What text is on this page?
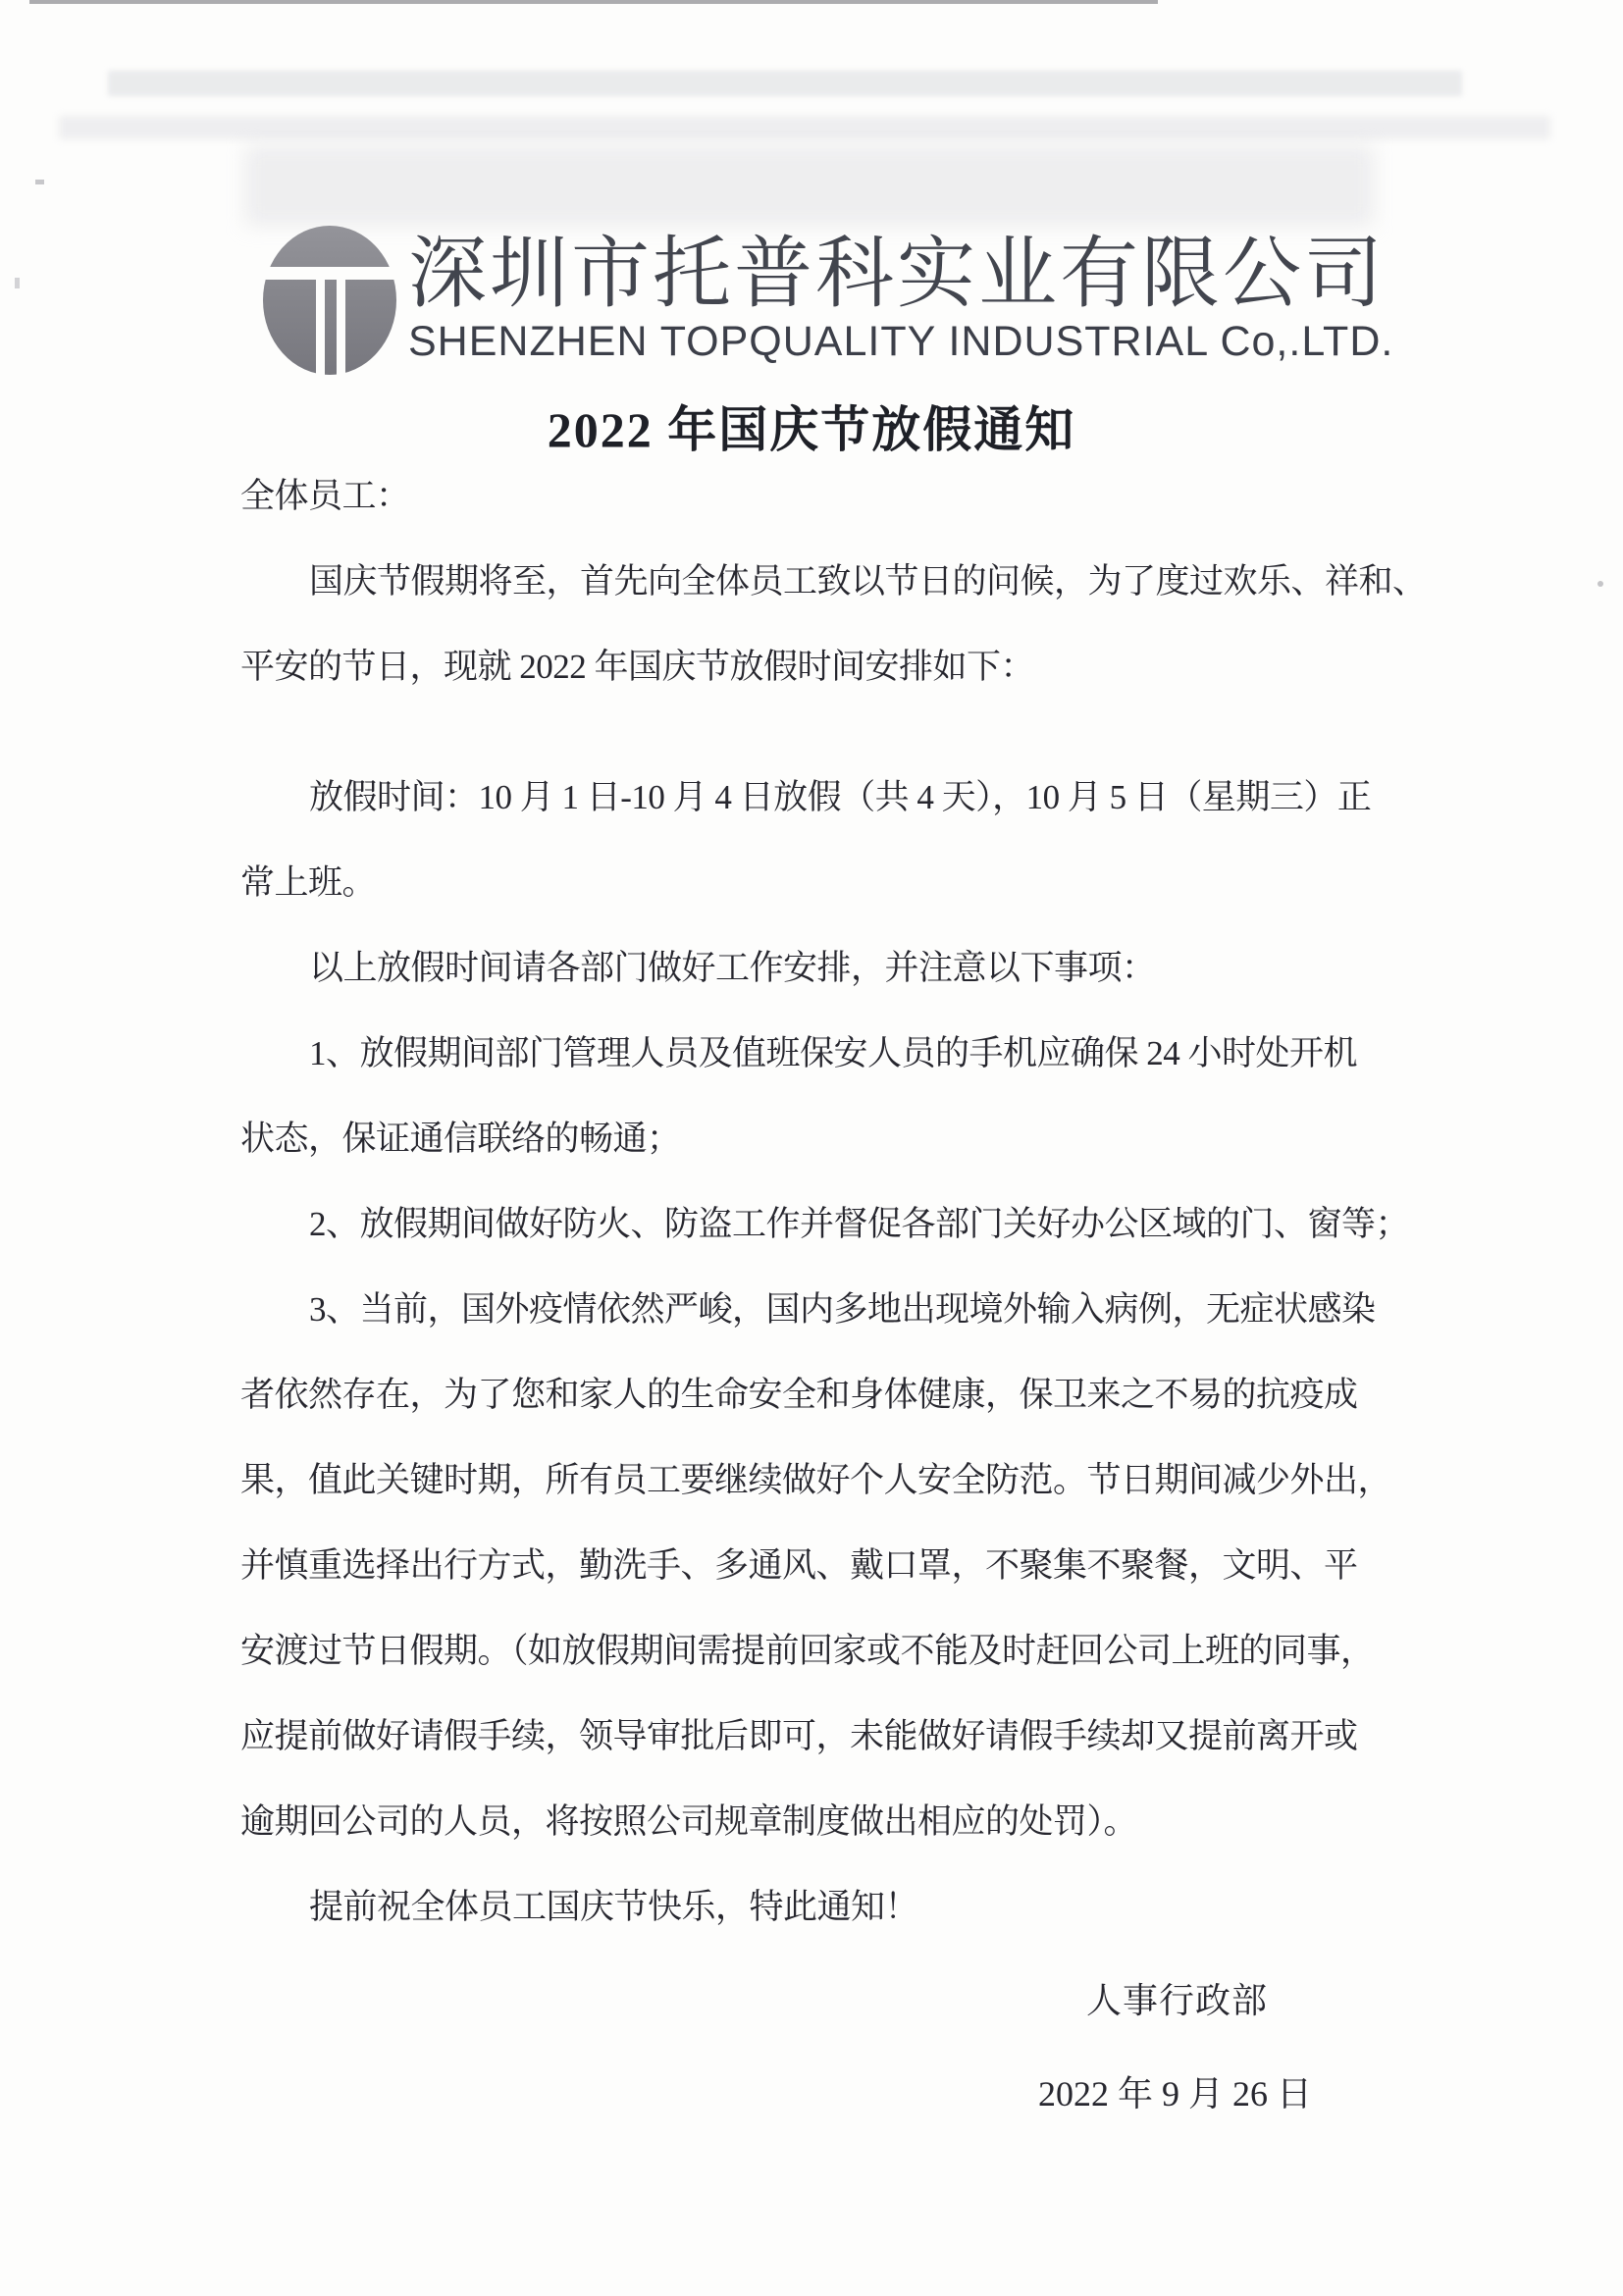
深圳市托普科实业有限公司
SHENZHEN TOPQUALITY INDUSTRIAL Co,.LTD.
2022 年国庆节放假通知

全体员工：

国庆节假期将至，首先向全体员工致以节日的问候，为了度过欢乐、祥和、

平安的节日，现就 2022 年国庆节放假时间安排如下：

放假时间：10 月 1 日-10 月 4 日放假（共 4 天），10 月 5 日（星期三）正

常上班。

以上放假时间请各部门做好工作安排，并注意以下事项：

1、放假期间部门管理人员及值班保安人员的手机应确保 24 小时处开机

状态，保证通信联络的畅通；

2、放假期间做好防火、防盗工作并督促各部门关好办公区域的门、窗等；

3、当前，国外疫情依然严峻，国内多地出现境外输入病例，无症状感染

者依然存在，为了您和家人的生命安全和身体健康，保卫来之不易的抗疫成

果，值此关键时期，所有员工要继续做好个人安全防范。节日期间减少外出，

并慎重选择出行方式，勤洗手、多通风、戴口罩，不聚集不聚餐，文明、平

安渡过节日假期。（如放假期间需提前回家或不能及时赶回公司上班的同事，

应提前做好请假手续，领导审批后即可，未能做好请假手续却又提前离开或

逾期回公司的人员，将按照公司规章制度做出相应的处罚）。

提前祝全体员工国庆节快乐，特此通知！

人事行政部
2022 年 9 月 26 日
